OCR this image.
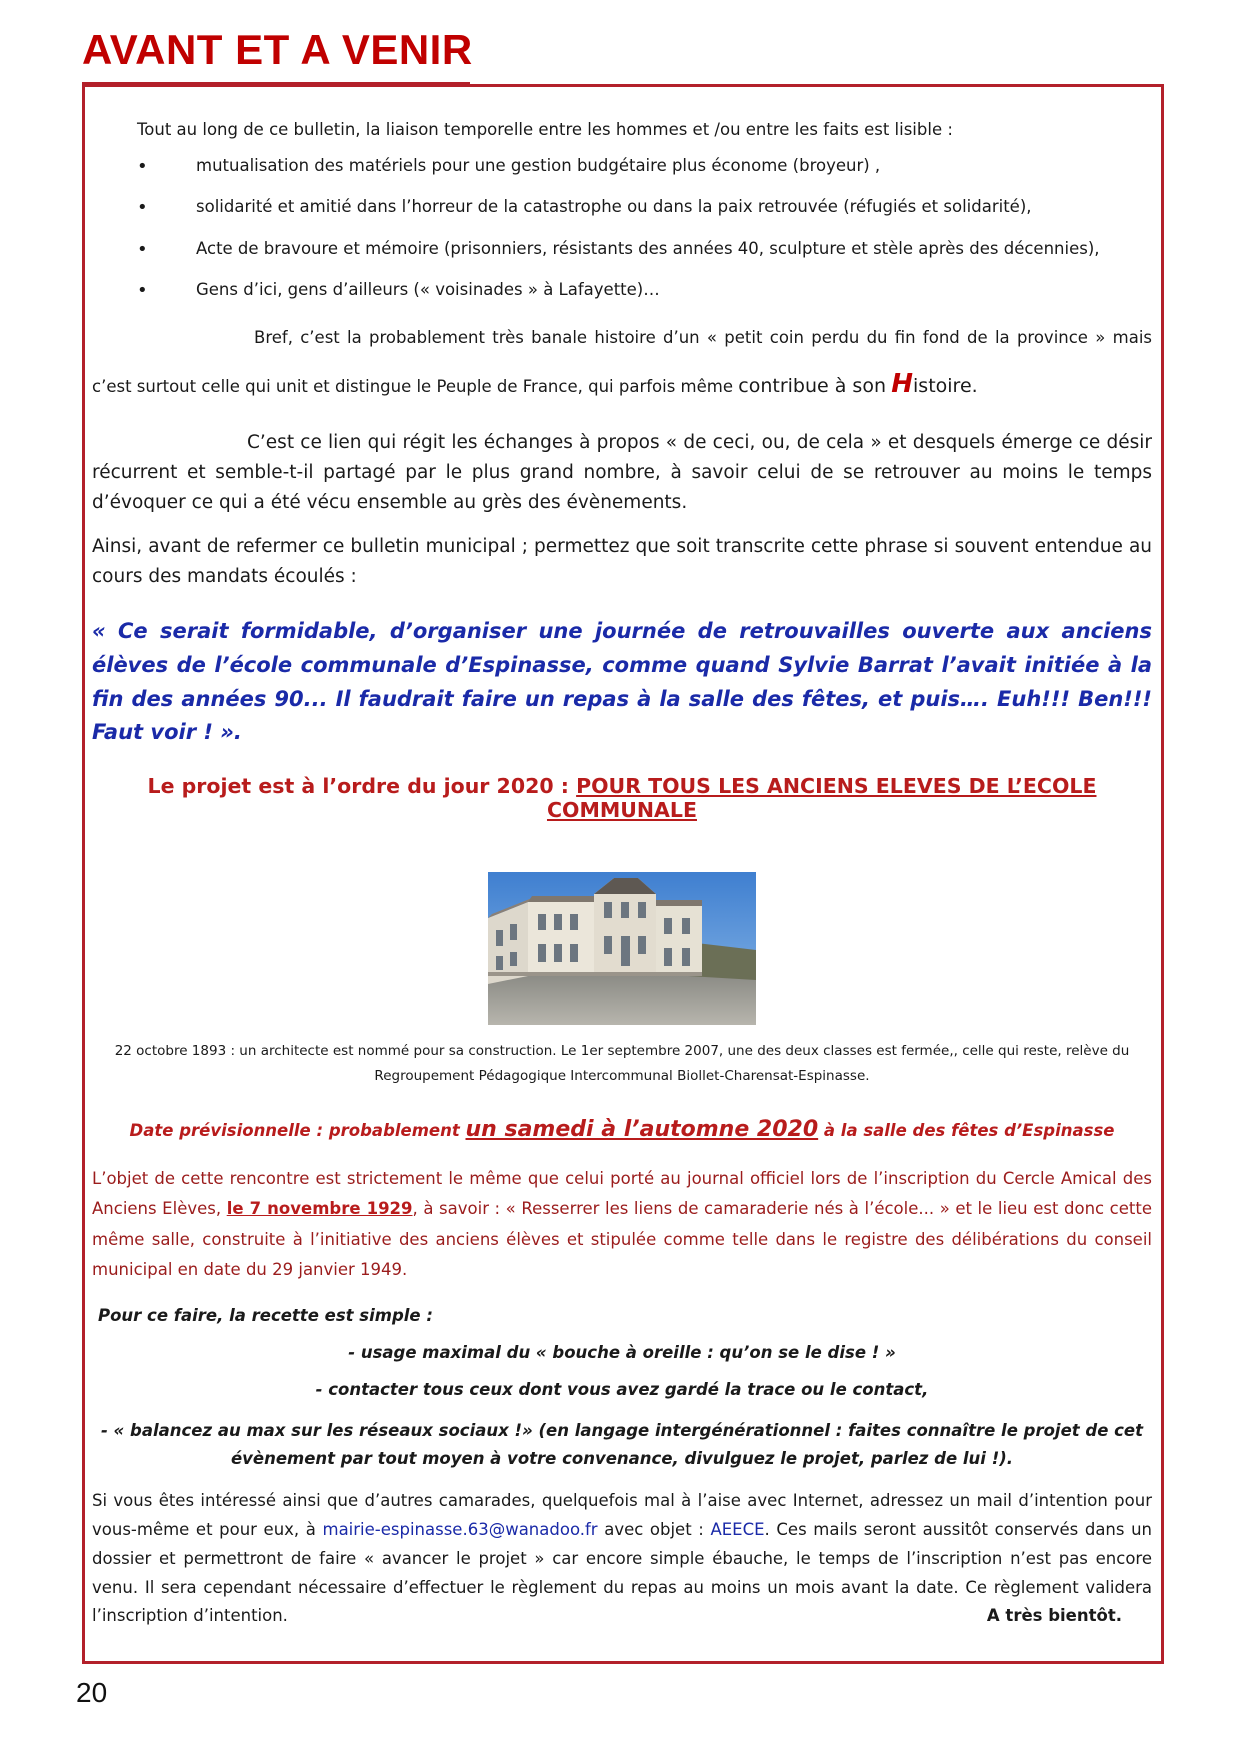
AVANT ET A VENIR

Tout au long de ce bulletin, la liaison temporelle entre les hommes et /ou entre les faits est lisible :

•	mutualisation des matériels pour une gestion budgétaire plus économe (broyeur) ,
•	solidarité et amitié dans l’horreur de la catastrophe ou dans la paix retrouvée (réfugiés et solidarité),
•	Acte de bravoure et mémoire (prisonniers, résistants des années 40, sculpture et stèle après des décennies),
•	Gens d’ici, gens d’ailleurs (« voisinades » à Lafayette)…

Bref, c’est la probablement très banale histoire d’un « petit coin perdu du fin fond de la province » mais c’est surtout celle qui unit et distingue le Peuple de France, qui parfois même contribue à son Histoire.

C’est ce lien qui régit les échanges à propos « de ceci, ou, de cela » et desquels émerge ce désir récurrent et semble-t-il partagé par le plus grand nombre, à savoir celui de se retrouver au moins le temps d’évoquer ce qui a été vécu ensemble au grès des évènements.

Ainsi, avant de refermer ce bulletin municipal ; permettez que soit transcrite cette phrase si souvent entendue au cours des mandats écoulés :

« Ce serait formidable, d’organiser une journée de retrouvailles ouverte aux anciens élèves de l’école communale d’Espinasse, comme quand Sylvie Barrat l’avait initiée à la fin des années 90... Il faudrait faire un repas à la salle des fêtes, et puis…. Euh!!! Ben!!! Faut voir ! ».

Le projet est à l’ordre du jour 2020 : POUR TOUS LES ANCIENS ELEVES DE L’ECOLE COMMUNALE

22 octobre 1893 : un architecte est nommé pour sa construction. Le 1er septembre 2007, une des deux classes est fermée,, celle qui reste, relève du Regroupement Pédagogique Intercommunal Biollet-Charensat-Espinasse.

Date prévisionnelle : probablement un samedi à l’automne 2020 à la salle des fêtes d’Espinasse

L’objet de cette rencontre est strictement le même que celui porté au journal officiel lors de l’inscription du Cercle Amical des Anciens Elèves, le 7 novembre 1929, à savoir : « Resserrer les liens de camaraderie nés à l’école... » et le lieu est donc cette même salle, construite à l’initiative des anciens élèves et stipulée comme telle dans le registre des délibérations du conseil municipal en date du 29 janvier 1949.

Pour ce faire, la recette est simple :

- usage maximal du « bouche à oreille : qu’on se le dise ! »

- contacter tous ceux dont vous avez gardé la trace ou le contact,

- « balancez au max sur les réseaux sociaux !» (en langage intergénérationnel : faites connaître le projet de cet évènement par tout moyen à votre convenance, divulguez le projet, parlez de lui !).

Si vous êtes intéressé ainsi que d’autres camarades, quelquefois mal à l’aise avec Internet, adressez un mail d’intention pour vous-même et pour eux, à mairie-espinasse.63@wanadoo.fr avec objet : AEECE. Ces mails seront aussitôt conservés dans un dossier et permettront de faire « avancer le projet » car encore simple ébauche, le temps de l’inscription n’est pas encore venu. Il sera cependant nécessaire d’effectuer le règlement du repas au moins un mois avant la date. Ce règlement validera l’inscription d’intention.	A très bientôt.

20
